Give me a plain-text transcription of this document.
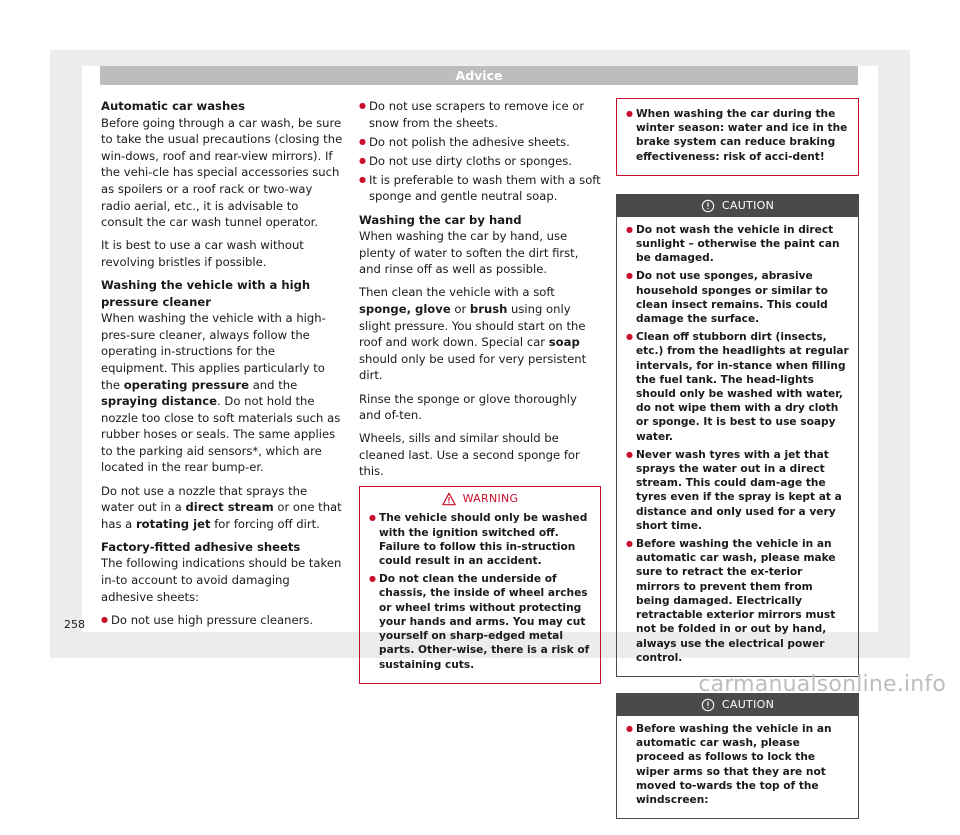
Advice

Automatic car washes

Before going through a car wash, be sure to take the usual precautions (closing the win-dows, roof and rear-view mirrors). If the vehi-cle has special accessories such as spoilers or a roof rack or two-way radio aerial, etc., it is advisable to consult the car wash tunnel operator.

It is best to use a car wash without revolving bristles if possible.

Washing the vehicle with a high pressure cleaner

When washing the vehicle with a high-pres-sure cleaner, always follow the operating in-structions for the equipment. This applies particularly to the operating pressure and the spraying distance. Do not hold the nozzle too close to soft materials such as rubber hoses or seals. The same applies to the parking aid sensors*, which are located in the rear bump-er.

Do not use a nozzle that sprays the water out in a direct stream or one that has a rotating jet for forcing off dirt.

Factory-fitted adhesive sheets

The following indications should be taken in-to account to avoid damaging adhesive sheets:

● Do not use high pressure cleaners.

● Do not use scrapers to remove ice or snow from the sheets.

● Do not polish the adhesive sheets.

● Do not use dirty cloths or sponges.

● It is preferable to wash them with a soft sponge and gentle neutral soap.

Washing the car by hand

When washing the car by hand, use plenty of water to soften the dirt first, and rinse off as well as possible.

Then clean the vehicle with a soft sponge, glove or brush using only slight pressure. You should start on the roof and work down. Special car soap should only be used for very persistent dirt.

Rinse the sponge or glove thoroughly and of-ten.

Wheels, sills and similar should be cleaned last. Use a second sponge for this.

WARNING
● The vehicle should only be washed with the ignition switched off. Failure to follow this in-struction could result in an accident.
● Do not clean the underside of chassis, the inside of wheel arches or wheel trims without protecting your hands and arms. You may cut yourself on sharp-edged metal parts. Other-wise, there is a risk of sustaining cuts.
● When washing the car during the winter season: water and ice in the brake system can reduce braking effectiveness: risk of acci-dent!
CAUTION
● Do not wash the vehicle in direct sunlight – otherwise the paint can be damaged.
● Do not use sponges, abrasive household sponges or similar to clean insect remains. This could damage the surface.
● Clean off stubborn dirt (insects, etc.) from the headlights at regular intervals, for in-stance when filling the fuel tank. The head-lights should only be washed with water, do not wipe them with a dry cloth or sponge. It is best to use soapy water.
● Never wash tyres with a jet that sprays the water out in a direct stream. This could dam-age the tyres even if the spray is kept at a distance and only used for a very short time.
● Before washing the vehicle in an automatic car wash, please make sure to retract the ex-terior mirrors to prevent them from being damaged. Electrically retractable exterior mirrors must not be folded in or out by hand, always use the electrical power control.
CAUTION
● Before washing the vehicle in an automatic car wash, please proceed as follows to lock the wiper arms so that they are not moved to-wards the top of the windscreen:
258
carmanualsonline.info
